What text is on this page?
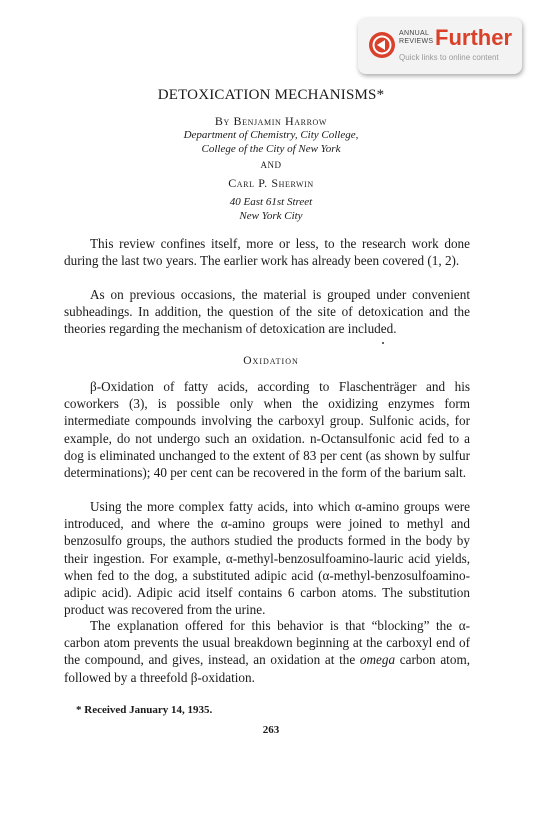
ANNUAL
REVIEWS Further
Quick links to online content
DETOXICATION MECHANISMS*
By Benjamin Harrow
Department of Chemistry, City College,
College of the City of New York
AND
Carl P. Sherwin
40 East 61st Street
New York City

This review confines itself, more or less, to the research work done during the last two years. The earlier work has already been covered (1, 2).

As on previous occasions, the material is grouped under convenient subheadings. In addition, the question of the site of detoxication and the theories regarding the mechanism of detoxication are included.

Oxidation

β-Oxidation of fatty acids, according to Flaschenträger and his coworkers (3), is possible only when the oxidizing enzymes form intermediate compounds involving the carboxyl group. Sulfonic acids, for example, do not undergo such an oxidation. n-Octansulfonic acid fed to a dog is eliminated unchanged to the extent of 83 per cent (as shown by sulfur determinations); 40 per cent can be recovered in the form of the barium salt.

Using the more complex fatty acids, into which α-amino groups were introduced, and where the α-amino groups were joined to methyl and benzosulfo groups, the authors studied the products formed in the body by their ingestion. For example, α-methyl-benzosulfoamino-lauric acid yields, when fed to the dog, a substituted adipic acid (α-methyl-benzosulfoamino-adipic acid). Adipic acid itself contains 6 carbon atoms. The substitution product was recovered from the urine.

The explanation offered for this behavior is that “blocking” the α-carbon atom prevents the usual breakdown beginning at the carboxyl end of the compound, and gives, instead, an oxidation at the omega carbon atom, followed by a threefold β-oxidation.

* Received January 14, 1935.
263
